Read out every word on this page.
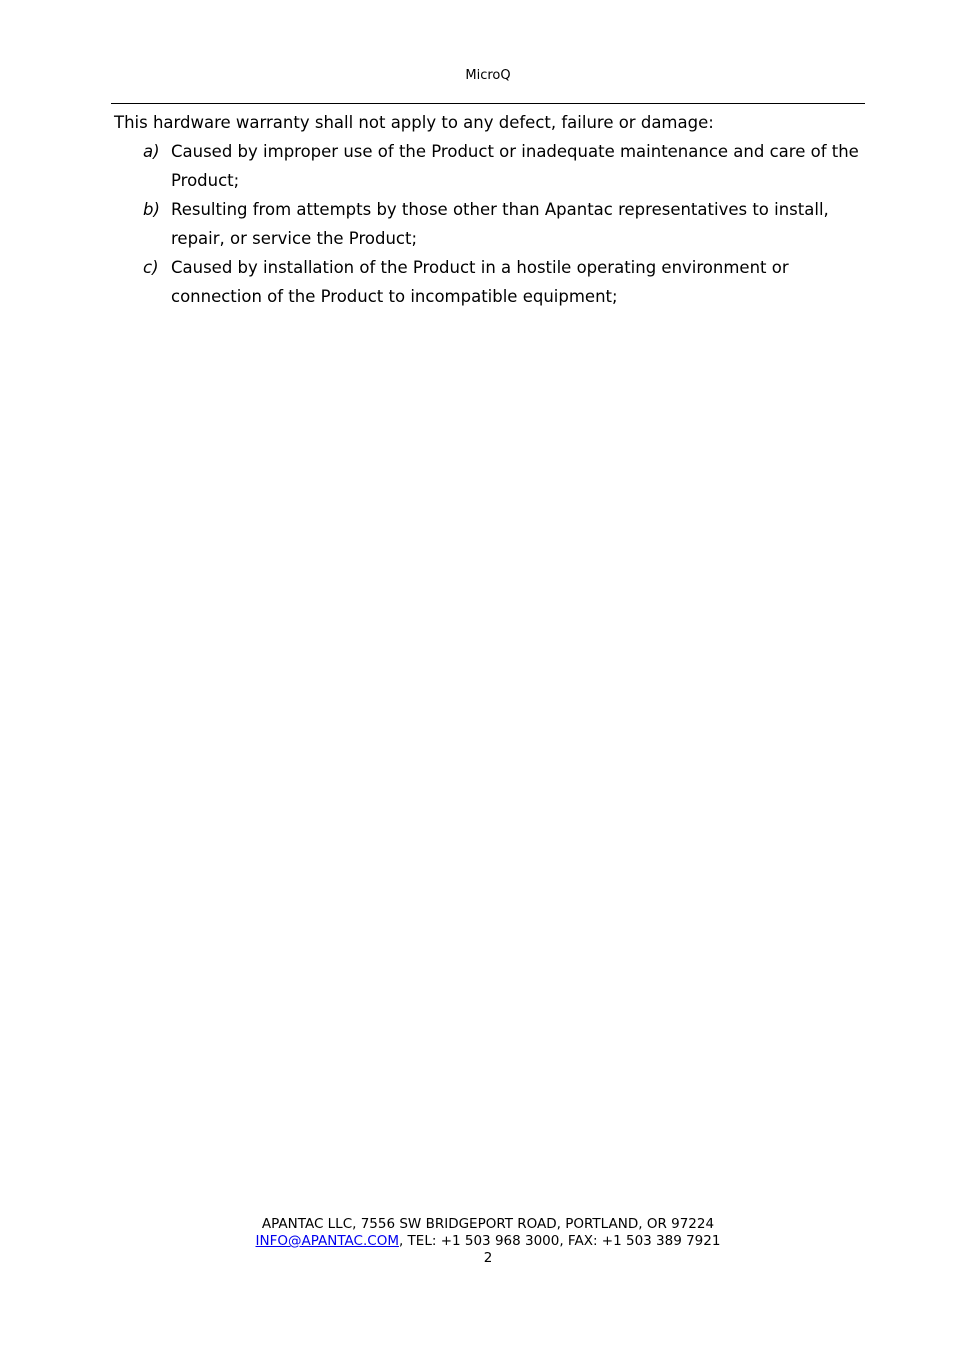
MicroQ

This hardware warranty shall not apply to any defect, failure or damage:

a) Caused by improper use of the Product or inadequate maintenance and care of the Product;
b) Resulting from attempts by those other than Apantac representatives to install, repair, or service the Product;
c) Caused by installation of the Product in a hostile operating environment or connection of the Product to incompatible equipment;
APANTAC LLC, 7556 SW BRIDGEPORT ROAD, PORTLAND, OR 97224
INFO@APANTAC.COM, TEL: +1 503 968 3000, FAX: +1 503 389 7921
2
